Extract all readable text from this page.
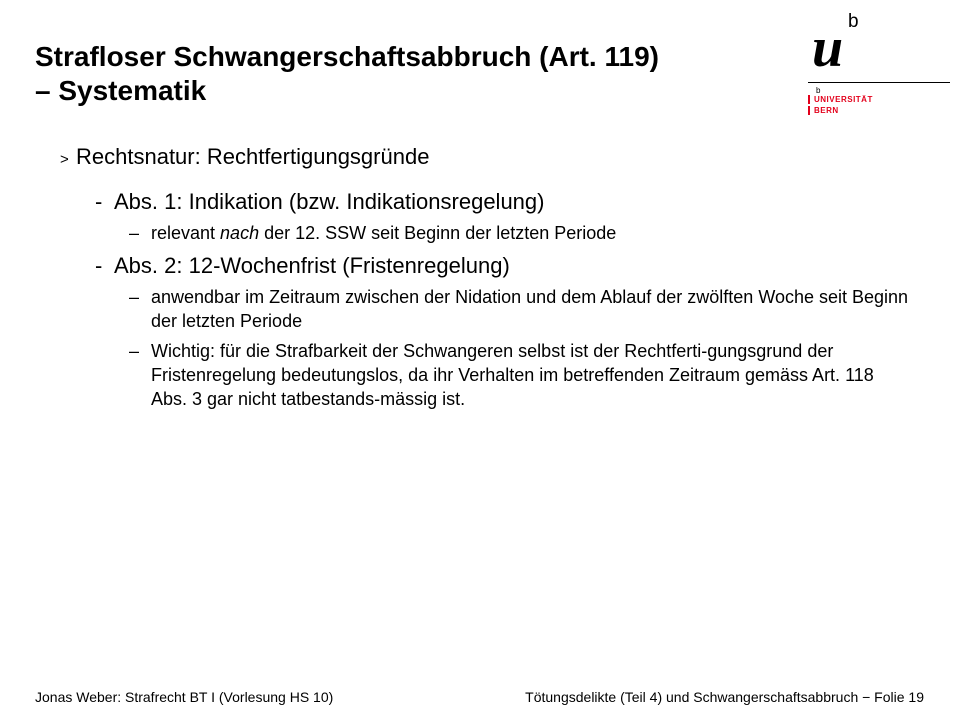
Strafloser Schwangerschaftsabbruch (Art. 119)
– Systematik
u b
b
UNIVERSITÄT
BERN
> Rechtsnatur: Rechtfertigungsgründe
- Abs. 1: Indikation (bzw. Indikationsregelung)
– relevant nach der 12. SSW seit Beginn der letzten Periode
- Abs. 2: 12-Wochenfrist (Fristenregelung)
– anwendbar im Zeitraum zwischen der Nidation und dem Ablauf der zwölften Woche seit Beginn der letzten Periode
– Wichtig: für die Strafbarkeit der Schwangeren selbst ist der Rechtferti-gungsgrund der Fristenregelung bedeutungslos, da ihr Verhalten im betreffenden Zeitraum gemäss Art. 118 Abs. 3 gar nicht tatbestands-mässig ist.
Jonas Weber: Strafrecht BT I (Vorlesung HS 10)	Tötungsdelikte (Teil 4) und Schwangerschaftsabbruch − Folie 19
